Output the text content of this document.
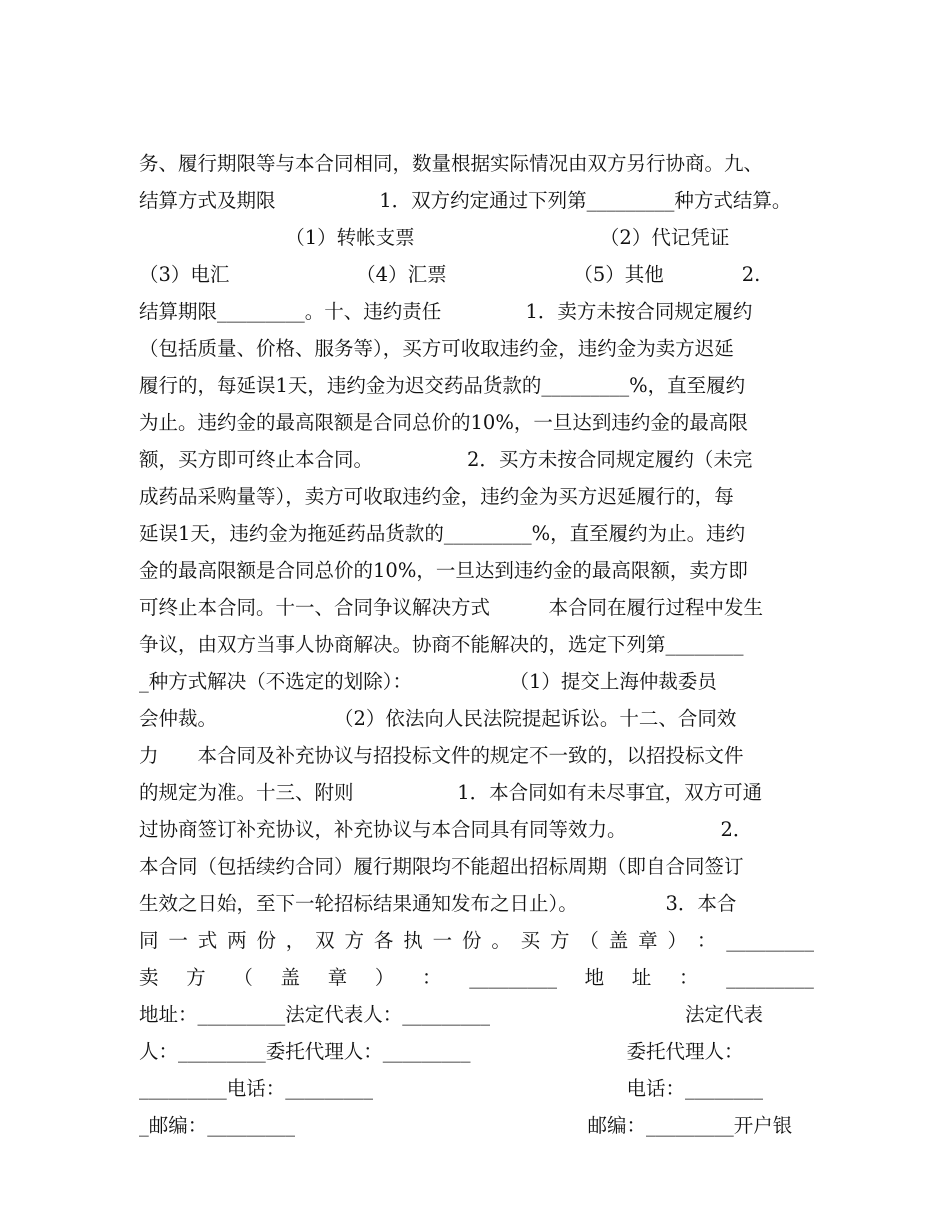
务、履行期限等与本合同相同，数量根据实际情况由双方另行协商。九、
结算方式及期限　　　　　 1．双方约定通过下列第_________种方式结算。
　　　　　　　　（1）转帐支票　　　　　　　　　　（2）代记凭证
（3）电汇　　　　　　　（4）汇票　　　　　　　（5）其他　　　　2.
结算期限_________。十、违约责任　　　　 1．卖方未按合同规定履约
（包括质量、价格、服务等），买方可收取违约金，违约金为卖方迟延
履行的，每延误1天，违约金为迟交药品货款的_________%，直至履约
为止。违约金的最高限额是合同总价的10%，一旦达到违约金的最高限
额，买方即可终止本合同。　　　　　 2．买方未按合同规定履约（未完
成药品采购量等），卖方可收取违约金，违约金为买方迟延履行的，每
延误1天，违约金为拖延药品货款的_________%，直至履约为止。违约
金的最高限额是合同总价的10%，一旦达到违约金的最高限额，卖方即
可终止本合同。十一、合同争议解决方式　　　本合同在履行过程中发生
争议，由双方当事人协商解决。协商不能解决的，选定下列第________
_种方式解决（不选定的划除）：　　　　　　（1）提交上海仲裁委员
会仲裁。　　　　　　　（2）依法向人民法院提起诉讼。十二、合同效
力　　本合同及补充协议与招投标文件的规定不一致的，以招投标文件
的规定为准。十三、附则　　　　　 1．本合同如有未尽事宜，双方可通
过协商签订补充协议，补充协议与本合同具有同等效力。　　　　　 2．
本合同（包括续约合同）履行期限均不能超出招标周期（即自合同签订
生效之日始，至下一轮招标结果通知发布之日止）。　　　　　3．本合
同 一 式 两 份 ， 双 方 各 执 一 份 。 买 方 （ 盖 章 ） ： _________
卖 方 （ 盖 章 ） ： _________ 地 址 ： _________
地址：_________法定代表人：_________　　　　　　　　　　法定代表
人：_________委托代理人：_________　　　　　　　　委托代理人：
_________电话：_________　　　　　　　　　　　　　电话：________
_邮编：_________　　　　　　　　　　　　　　　邮编：_________开户银
